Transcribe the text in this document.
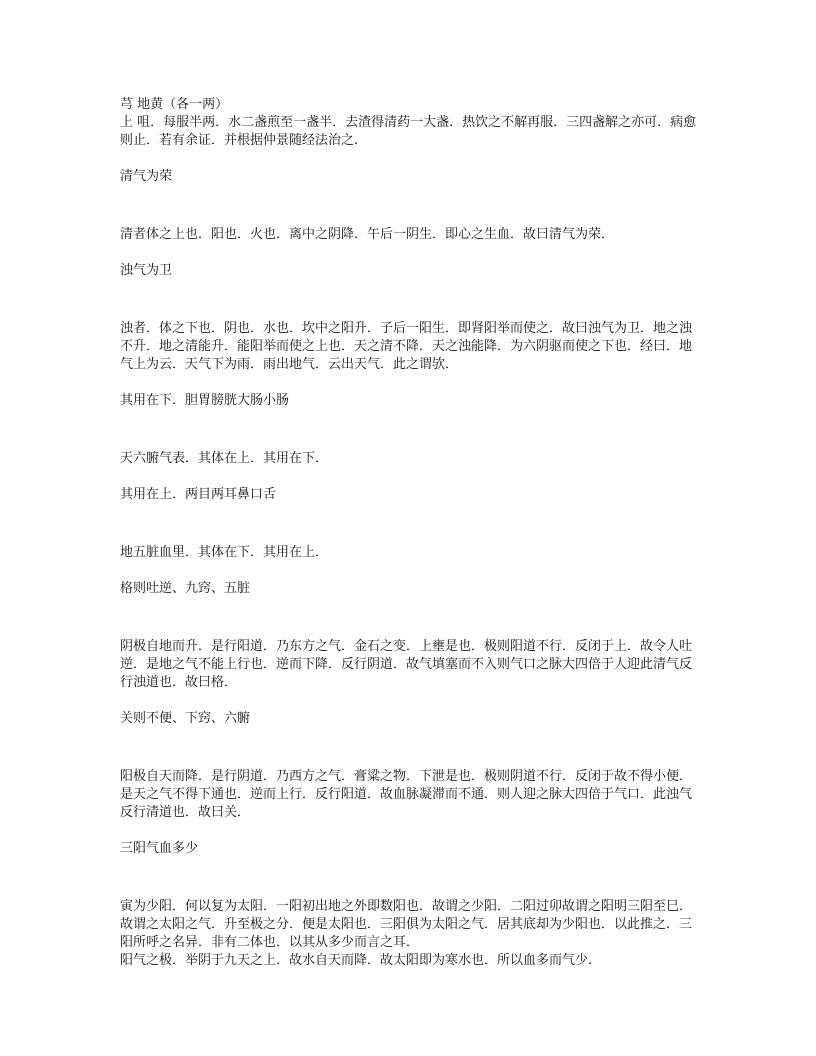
芎 地黄（各一两）

上 咀．每服半两．水二盏煎至一盏半．去渣得清药一大盏．热饮之不解再服．三四盏解之亦可．病愈则止．若有余证．并根据仲景随经法治之．

清气为荣

清者体之上也．阳也．火也．离中之阴降．午后一阴生．即心之生血．故曰清气为荣．

浊气为卫

浊者．体之下也．阴也．水也．坎中之阳升．子后一阳生．即肾阳举而使之．故曰浊气为卫．地之浊不升．地之清能升．能阳举而使之上也．天之清不降．天之浊能降．为六阴驱而使之下也．经曰．地气上为云．天气下为雨．雨出地气．云出天气．此之谓欤．

其用在下．胆胃膀胱大肠小肠

天六腑气表．其体在上．其用在下．

其用在上．两目两耳鼻口舌

地五脏血里．其体在下．其用在上．

格则吐逆、九窍、五脏

阴极自地而升．是行阳道．乃东方之气．金石之变．上壅是也．极则阳道不行．反闭于上．故令人吐逆．是地之气不能上行也．逆而下降．反行阴道．故气填塞而不入则气口之脉大四倍于人迎此清气反行浊道也．故曰格．

关则不便、下窍、六腑

阳极自天而降．是行阴道．乃西方之气．膏粱之物．下泄是也．极则阴道不行．反闭于故不得小便．是天之气不得下通也．逆而上行．反行阳道．故血脉凝滞而不通．则人迎之脉大四倍于气口．此浊气反行清道也．故曰关．

三阳气血多少

寅为少阳．何以复为太阳．一阳初出地之外即数阳也．故谓之少阳．二阳过卯故谓之阳明三阳至巳．故谓之太阳之气．升至极之分．便是太阳也．三阳俱为太阳之气．居其底却为少阳也．以此推之．三阳所呼之名异．非有二体也．以其从多少而言之耳．

阳气之极．举阴于九天之上．故水自天而降．故太阳即为寒水也．所以血多而气少．
